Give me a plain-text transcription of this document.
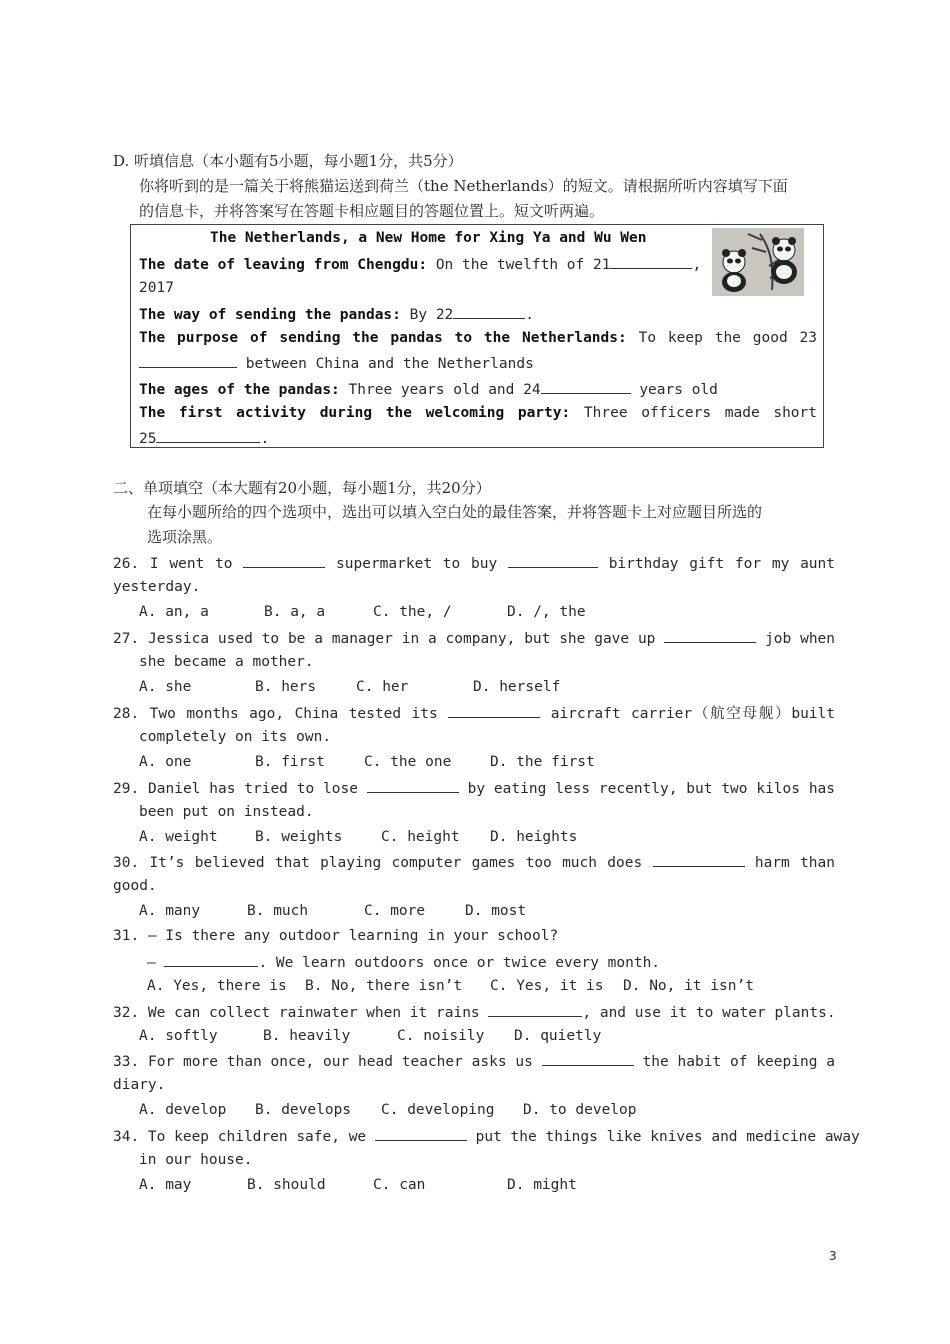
D. 听填信息（本小题有5小题，每小题1分，共5分）
你将听到的是一篇关于将熊猫运送到荷兰（the Netherlands）的短文。请根据所听内容填写下面
的信息卡，并将答案写在答题卡相应题目的答题位置上。短文听两遍。
The Netherlands, a New Home for Xing Ya and Wu Wen
The date of leaving from Chengdu: On the twelfth of 21	,
2017
The way of sending the pandas: By 22	.
The purpose of sending the pandas to the Netherlands: To keep the good 23
between China and the Netherlands
The ages of the pandas: Three years old and 24	years old
The first activity during the welcoming party: Three officers made short
25	.
二、单项填空（本大题有20小题，每小题1分，共20分）
在每小题所给的四个选项中，选出可以填入空白处的最佳答案，并将答题卡上对应题目所选的
选项涂黑。
26. I went to	supermarket to buy	birthday gift for my aunt
yesterday.
A. an, a	B. a, a	C. the, /	D. /, the
27. Jessica used to be a manager in a company, but she gave up	job when
she became a mother.
A. she	B. hers	C. her	D. herself
28. Two months ago, China tested its	aircraft carrier（航空母舰）built
completely on its own.
A. one	B. first	C. the one	D. the first
29. Daniel has tried to lose	by eating less recently, but two kilos has
been put on instead.
A. weight	B. weights	C. height D. heights
30. It’s believed that playing computer games too much does	harm than
good.
A. many	B. much	C. more	D. most
31. — Is there any outdoor learning in your school?
—	. We learn outdoors once or twice every month.
A. Yes, there is B. No, there isn’t C. Yes, it is D. No, it isn’t
32. We can collect rainwater when it rains	, and use it to water plants.
A. softly	B. heavily	C. noisily D. quietly
33. For more than once, our head teacher asks us	the habit of keeping a
diary.
A. develop B. develops C. developing D. to develop
34. To keep children safe, we	put the things like knives and medicine away
in our house.
A. may	B. should	C. can	D. might
3
